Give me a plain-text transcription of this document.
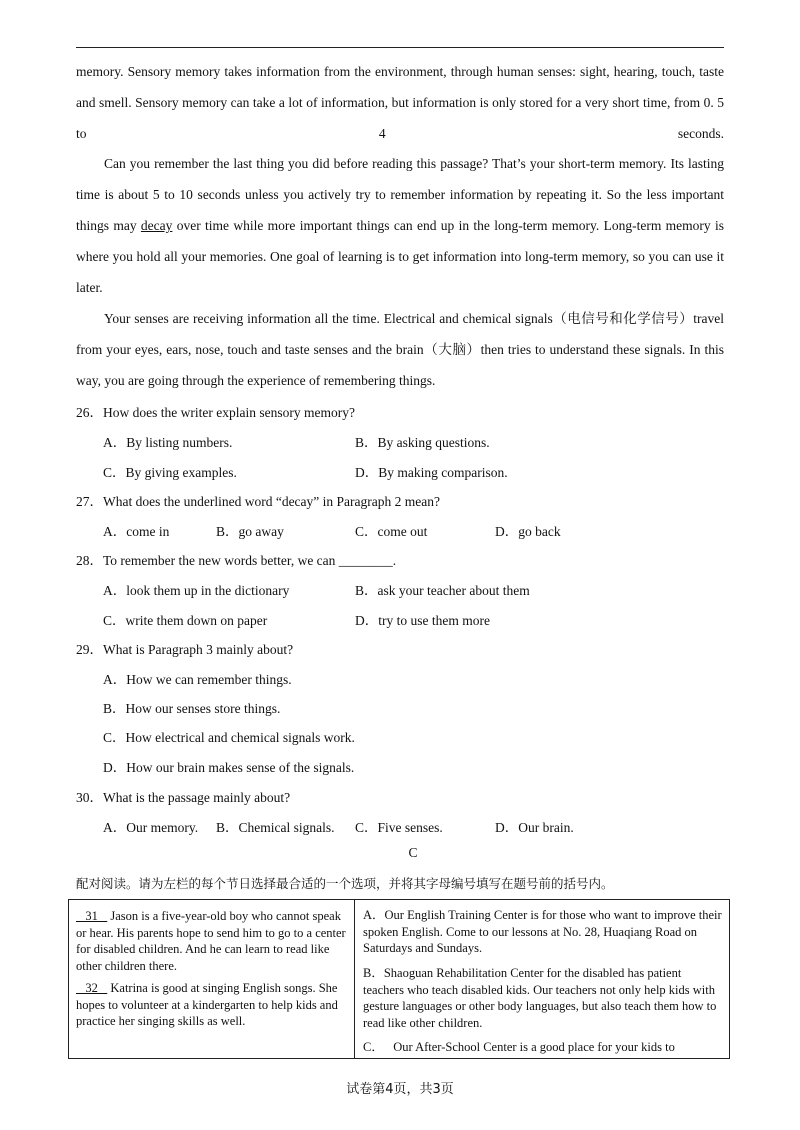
memory. Sensory memory takes information from the environment, through human senses: sight, hearing, touch, taste and smell. Sensory memory can take a lot of information, but information is only stored for a very short time, from 0. 5 to 4 seconds.
Can you remember the last thing you did before reading this passage? That’s your short-term memory. Its lasting time is about 5 to 10 seconds unless you actively try to remember information by repeating it. So the less important things may decay over time while more important things can end up in the long-term memory. Long-term memory is where you hold all your memories. One goal of learning is to get information into long-term memory, so you can use it later.
Your senses are receiving information all the time. Electrical and chemical signals（电信号和化学信号）travel from your eyes, ears, nose, touch and taste senses and the brain（大脑）then tries to understand these signals. In this way, you are going through the experience of remembering things.
26．How does the writer explain sensory memory?
A．By listing numbers.	B．By asking questions.
C．By giving examples.	D．By making comparison.
27．What does the underlined word “decay” in Paragraph 2 mean?
A．come in	B．go away	C．come out	D．go back
28．To remember the new words better, we can ________.
A．look them up in the dictionary	B．ask your teacher about them
C．write them down on paper	D．try to use them more
29．What is Paragraph 3 mainly about?
A．How we can remember things.
B．How our senses store things.
C．How electrical and chemical signals work.
D．How our brain makes sense of the signals.
30．What is the passage mainly about?
A．Our memory. B．Chemical signals. C．Five senses.	D．Our brain.
C
配对阅读。请为左栏的每个节日选择最合适的一个选项，并将其字母编号填写在题号前的括号内。
31    Jason is a five-year-old boy who cannot speak or hear. His parents hope to send him to go to a center for disabled children. And he can learn to read like other children there.
32    Katrina is good at singing English songs. She hopes to volunteer at a kindergarten to help kids and practice her singing skills as well.
A．Our English Training Center is for those who want to improve their spoken English. Come to our lessons at No. 28, Huaqiang Road on Saturdays and Sundays.
B．Shaoguan Rehabilitation Center for the disabled has patient teachers who teach disabled kids. Our teachers not only help kids with gesture languages or other body languages, but also teach them how to read like other children.
C．   Our After-School Center is a good place for your kids to
试卷第4页，共3页
